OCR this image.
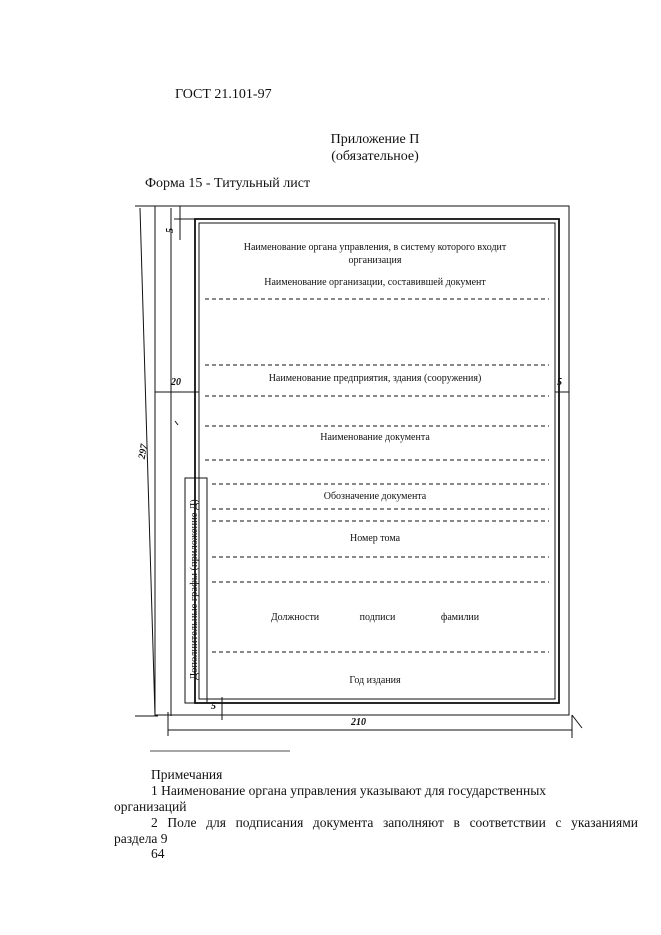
ГОСТ 21.101-97
Приложение П
(обязательное)
Форма 15 - Титульный лист
Наименование органа управления, в систему которого входит
организация
Наименование организации, составившей документ
Наименование предприятия, здания (сооружения)
Наименование документа
Обозначение документа
Номер тома
Должности	подписи	фамилии
Год издания
Дополнительные графы (приложение Д)
297
210
20	5
5
5
Примечания
1 Наименование органа управления указывают для государственных
организаций
2 Поле для подписания документа заполняют в соответствии с указаниями
раздела 9
64
